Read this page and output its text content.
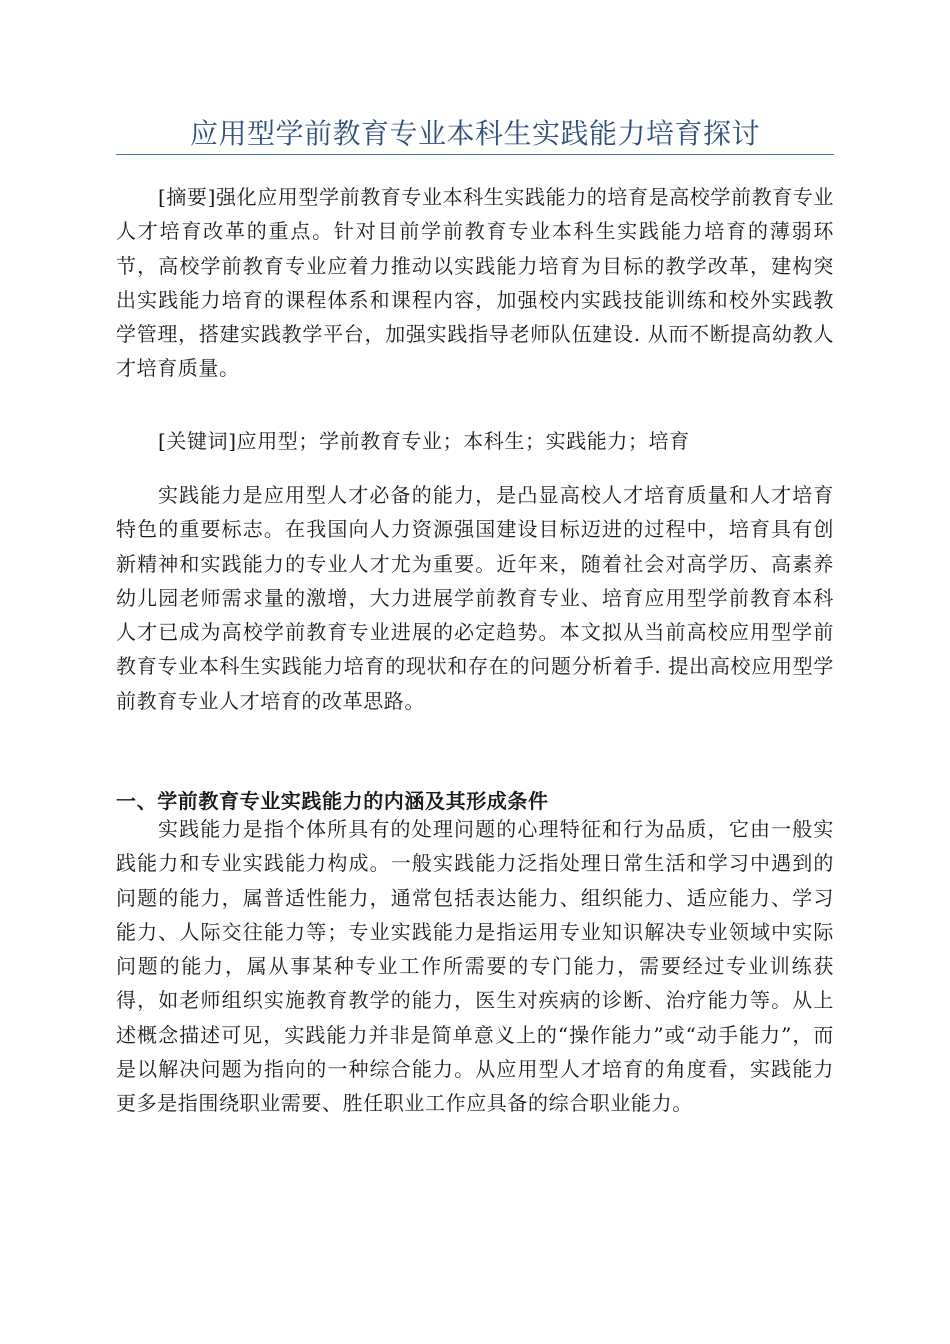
应用型学前教育专业本科生实践能力培育探讨

[摘要]强化应用型学前教育专业本科生实践能力的培育是高校学前教育专业人才培育改革的重点。针对目前学前教育专业本科生实践能力培育的薄弱环节，高校学前教育专业应着力推动以实践能力培育为目标的教学改革，建构突出实践能力培育的课程体系和课程内容，加强校内实践技能训练和校外实践教学管理，搭建实践教学平台，加强实践指导老师队伍建设. 从而不断提高幼教人才培育质量。

[关键词]应用型；学前教育专业；本科生；实践能力；培育

实践能力是应用型人才必备的能力，是凸显高校人才培育质量和人才培育特色的重要标志。在我国向人力资源强国建设目标迈进的过程中，培育具有创新精神和实践能力的专业人才尤为重要。近年来，随着社会对高学历、高素养幼儿园老师需求量的激增，大力进展学前教育专业、培育应用型学前教育本科人才已成为高校学前教育专业进展的必定趋势。本文拟从当前高校应用型学前教育专业本科生实践能力培育的现状和存在的问题分析着手. 提出高校应用型学前教育专业人才培育的改革思路。

一、学前教育专业实践能力的内涵及其形成条件

实践能力是指个体所具有的处理问题的心理特征和行为品质，它由一般实践能力和专业实践能力构成。一般实践能力泛指处理日常生活和学习中遇到的问题的能力，属普适性能力，通常包括表达能力、组织能力、适应能力、学习能力、人际交往能力等；专业实践能力是指运用专业知识解决专业领域中实际问题的能力，属从事某种专业工作所需要的专门能力，需要经过专业训练获得，如老师组织实施教育教学的能力，医生对疾病的诊断、治疗能力等。从上述概念描述可见，实践能力并非是简单意义上的“操作能力”或“动手能力”，而是以解决问题为指向的一种综合能力。从应用型人才培育的角度看，实践能力更多是指围绕职业需要、胜任职业工作应具备的综合职业能力。
